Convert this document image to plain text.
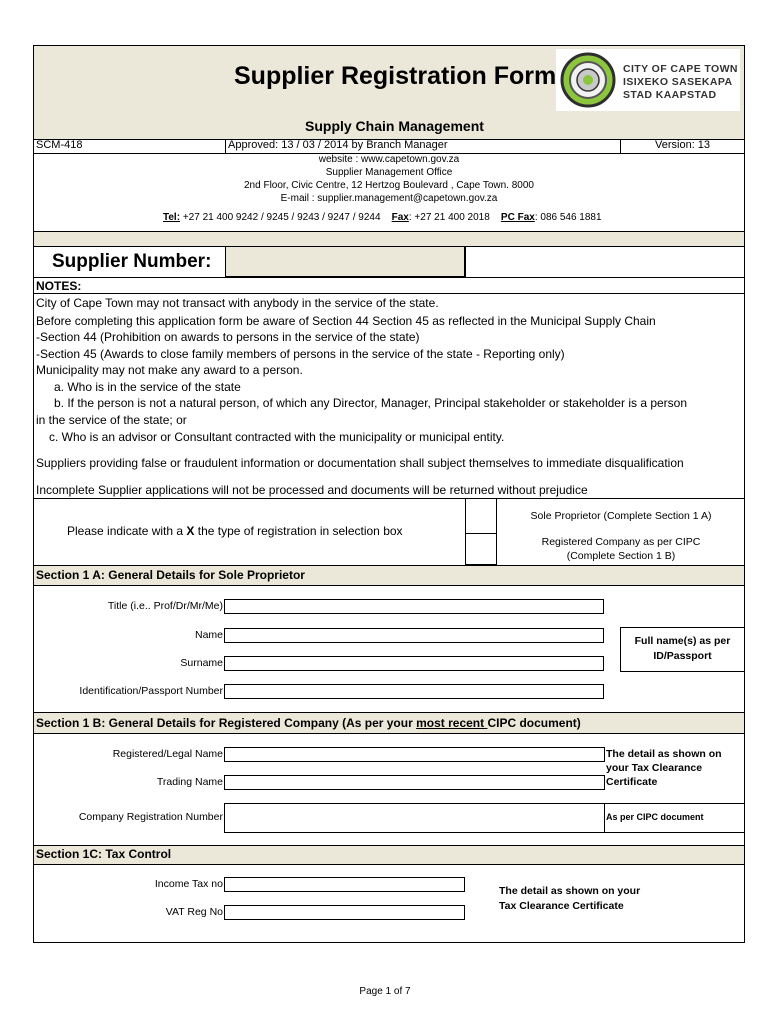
Supplier Registration Form	CITY OF CAPE TOWN
ISIXEKO SASEKAPA
STAD KAAPSTAD
Supply Chain Management
SCM-418	Approved: 13 / 03 / 2014 by Branch Manager	Version: 13
website : www.capetown.gov.za
Supplier Management Office
2nd Floor, Civic Centre, 12 Hertzog Boulevard , Cape Town. 8000
E-mail : supplier.management@capetown.gov.za
Tel: +27 21 400 9242 / 9245 / 9243 / 9247 / 9244 Fax: +27 21 400 2018 PC Fax: 086 546 1881
Supplier Number:
NOTES:
City of Cape Town may not transact with anybody in the service of the state.
Before completing this application form be aware of Section 44 Section 45 as reflected in the Municipal Supply Chain
-Section 44 (Prohibition on awards to persons in the service of the state)
-Section 45 (Awards to close family members of persons in the service of the state - Reporting only)
Municipality may not make any award to a person.
a. Who is in the service of the state
b. If the person is not a natural person, of which any Director, Manager, Principal stakeholder or stakeholder is a person
in the service of the state; or
c. Who is an advisor or Consultant contracted with the municipality or municipal entity.
Suppliers providing false or fraudulent information or documentation shall subject themselves to immediate disqualification
Incomplete Supplier applications will not be processed and documents will be returned without prejudice
Please indicate with a X the type of registration in selection box
Sole Proprietor (Complete Section 1 A)
Registered Company as per CIPC
(Complete Section 1 B)
Section 1 A: General Details for Sole Proprietor
Title (i.e.. Prof/Dr/Mr/Me)
Name
Surname
Full name(s) as per
ID/Passport
Identification/Passport Number
Section 1 B: General Details for Registered Company (As per your most recent CIPC document)
Registered/Legal Name
Trading Name
The detail as shown on
your Tax Clearance
Certificate
Company Registration Number	As per CIPC document
Section 1C: Tax Control
Income Tax no
VAT Reg No
The detail as shown on your
Tax Clearance Certificate
Page 1 of 7
